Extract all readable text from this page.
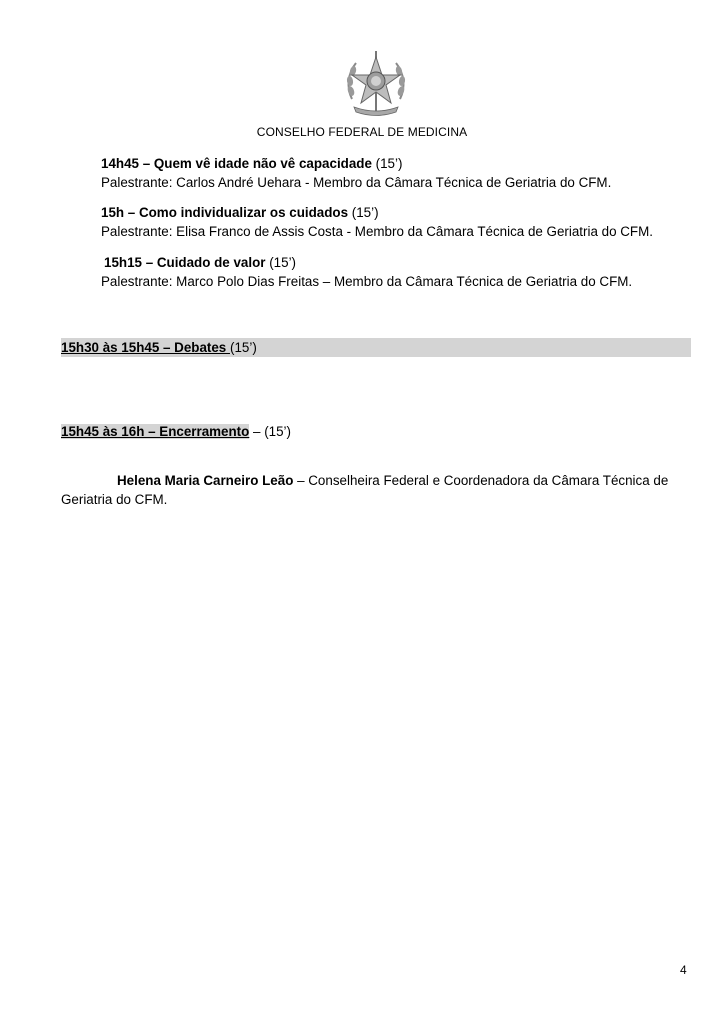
CONSELHO FEDERAL DE MEDICINA
14h45 – Quem vê idade não vê capacidade (15’)
Palestrante: Carlos André Uehara - Membro da Câmara Técnica de Geriatria do CFM.
15h – Como individualizar os cuidados (15’)
Palestrante: Elisa Franco de Assis Costa - Membro da Câmara Técnica de Geriatria do CFM.
15h15 – Cuidado de valor (15’)
Palestrante: Marco Polo Dias Freitas – Membro da Câmara Técnica de Geriatria do CFM.
15h30 às 15h45 – Debates (15’)
15h45 às 16h – Encerramento – (15’)
Helena Maria Carneiro Leão – Conselheira Federal e Coordenadora da Câmara Técnica de Geriatria do CFM.
4
